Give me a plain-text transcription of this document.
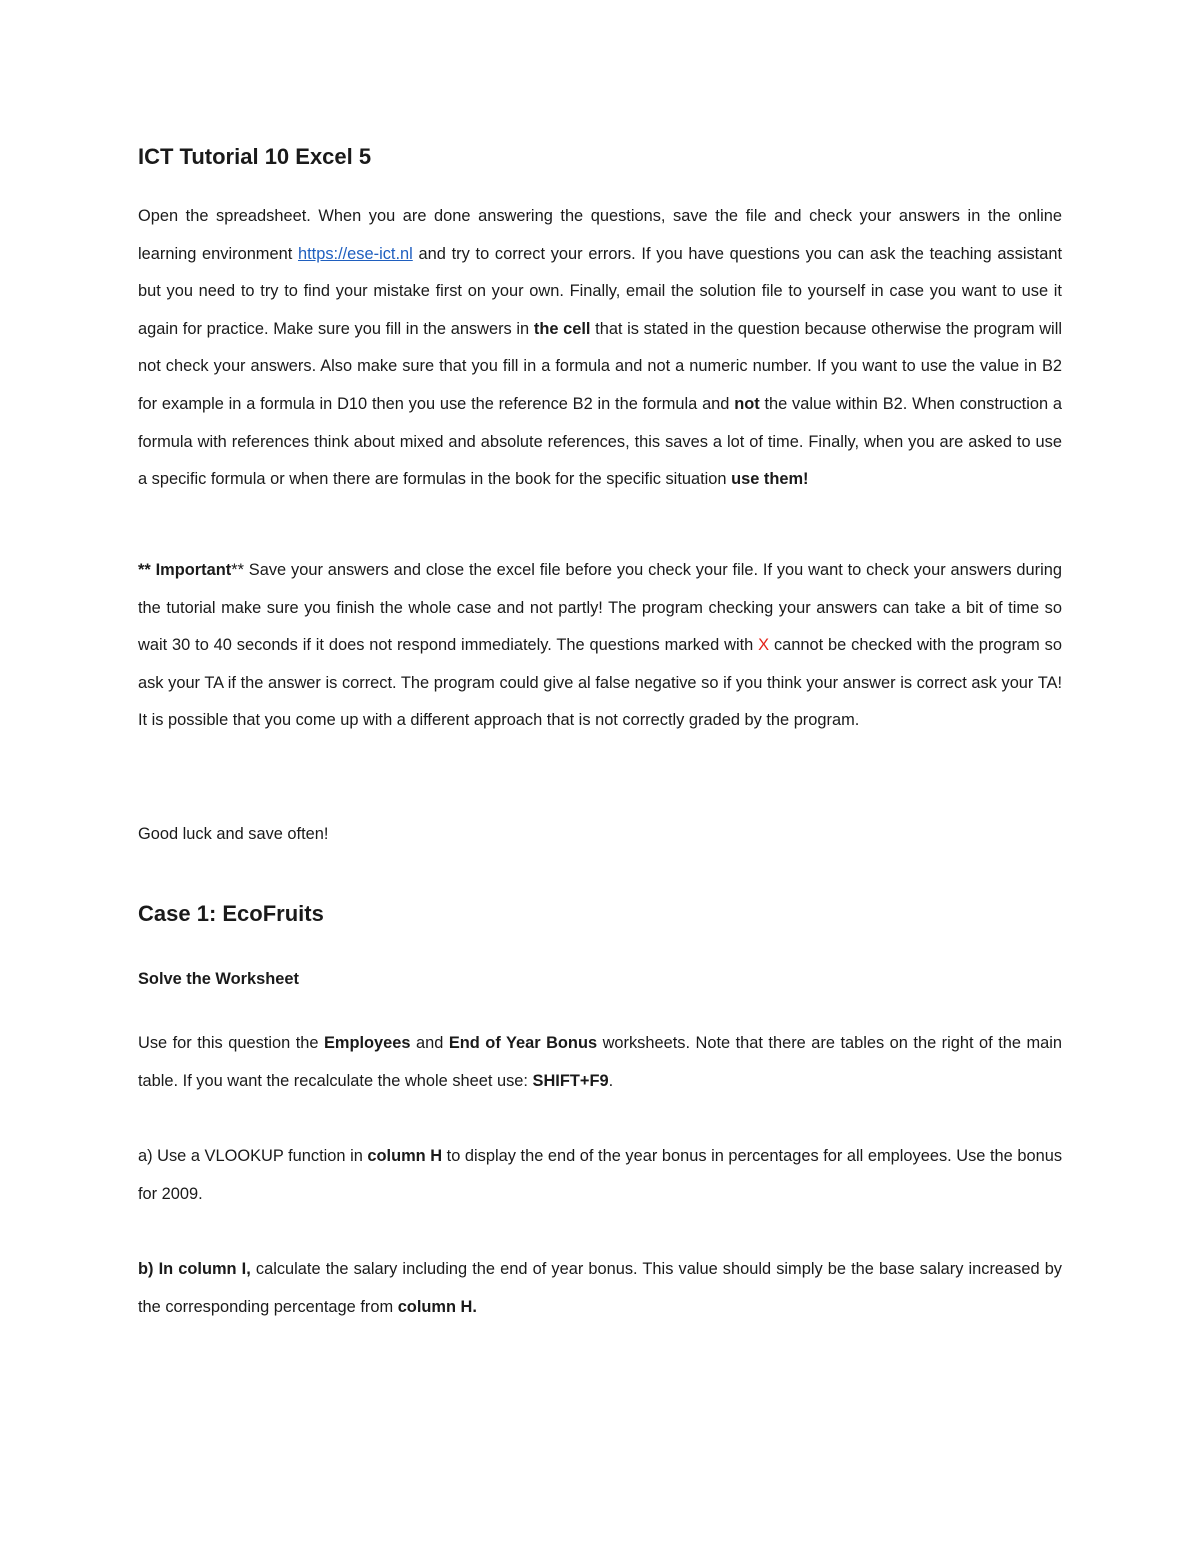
ICT Tutorial 10 Excel 5

Open the spreadsheet. When you are done answering the questions, save the file and check your answers in the online learning environment https://ese-ict.nl and try to correct your errors. If you have questions you can ask the teaching assistant but you need to try to find your mistake first on your own. Finally, email the solution file to yourself in case you want to use it again for practice. Make sure you fill in the answers in the cell that is stated in the question because otherwise the program will not check your answers. Also make sure that you fill in a formula and not a numeric number. If you want to use the value in B2 for example in a formula in D10 then you use the reference B2 in the formula and not the value within B2. When construction a formula with references think about mixed and absolute references, this saves a lot of time. Finally, when you are asked to use a specific formula or when there are formulas in the book for the specific situation use them!

** Important** Save your answers and close the excel file before you check your file. If you want to check your answers during the tutorial make sure you finish the whole case and not partly! The program checking your answers can take a bit of time so wait 30 to 40 seconds if it does not respond immediately. The questions marked with X cannot be checked with the program so ask your TA if the answer is correct. The program could give al false negative so if you think your answer is correct ask your TA! It is possible that you come up with a different approach that is not correctly graded by the program.

Good luck and save often!

Case 1: EcoFruits
Solve the Worksheet

Use for this question the Employees and End of Year Bonus worksheets. Note that there are tables on the right of the main table. If you want the recalculate the whole sheet use: SHIFT+F9.

a) Use a VLOOKUP function in column H to display the end of the year bonus in percentages for all employees. Use the bonus for 2009.

b) In column I, calculate the salary including the end of year bonus. This value should simply be the base salary increased by the corresponding percentage from column H.
